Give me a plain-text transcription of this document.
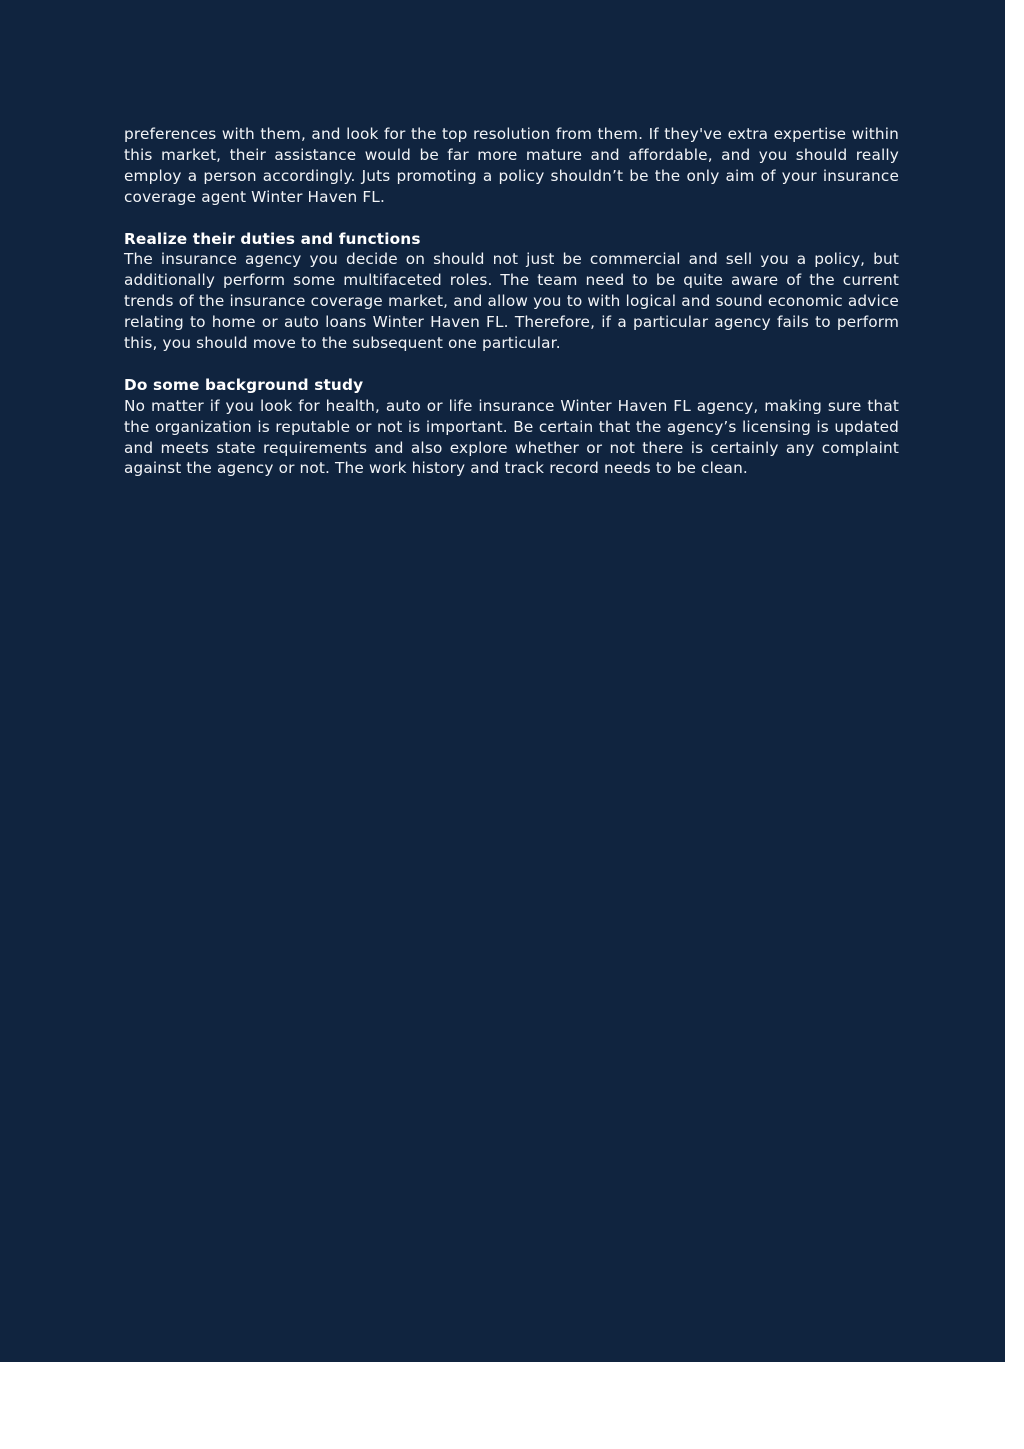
preferences with them, and look for the top resolution from them. If they've extra expertise within this market, their assistance would be far more mature and affordable, and you should really employ a person accordingly. Juts promoting a policy shouldn’t be the only aim of your insurance coverage agent Winter Haven FL.

Realize their duties and functions

The insurance agency you decide on should not just be commercial and sell you a policy, but additionally perform some multifaceted roles. The team need to be quite aware of the current trends of the insurance coverage market, and allow you to with logical and sound economic advice relating to home or auto loans Winter Haven FL. Therefore, if a particular agency fails to perform this, you should move to the subsequent one particular.

Do some background study

No matter if you look for health, auto or life insurance Winter Haven FL agency, making sure that the organization is reputable or not is important. Be certain that the agency’s licensing is updated and meets state requirements and also explore whether or not there is certainly any complaint against the agency or not. The work history and track record needs to be clean.
